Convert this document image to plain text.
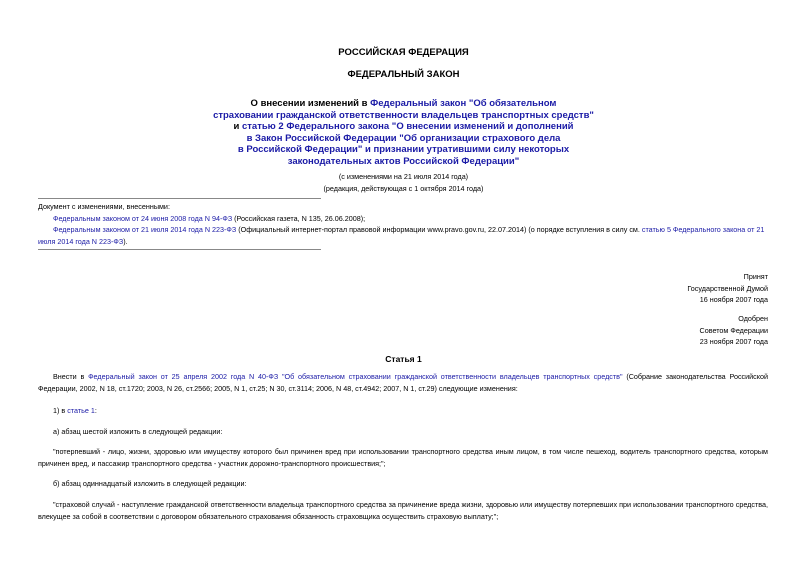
РОССИЙСКАЯ ФЕДЕРАЦИЯ
ФЕДЕРАЛЬНЫЙ ЗАКОН
О внесении изменений в Федеральный закон "Об обязательном
страховании гражданской ответственности владельцев транспортных средств"
и статью 2 Федерального закона "О внесении изменений и дополнений
в Закон Российской Федерации "Об организации страхового дела
в Российской Федерации" и признании утратившими силу некоторых
законодательных актов Российской Федерации"
(с изменениями на 21 июля 2014 года)
(редакция, действующая с 1 октября 2014 года)

Документ с изменениями, внесенными:

Федеральным законом от 24 июня 2008 года N 94-ФЗ (Российская газета, N 135, 26.06.2008);

Федеральным законом от 21 июля 2014 года N 223-ФЗ (Официальный интернет-портал правовой информации www.pravo.gov.ru, 22.07.2014) (о порядке вступления в силу см. статью 5 Федерального закона от 21 июля 2014 года N 223-ФЗ).

Принят
Государственной Думой
16 ноября 2007 года
Одобрен
Советом Федерации
23 ноября 2007 года
Статья 1

Внести в Федеральный закон от 25 апреля 2002 года N 40-ФЗ "Об обязательном страховании гражданской ответственности владельцев транспортных средств" (Собрание законодательства Российской Федерации, 2002, N 18, ст.1720; 2003, N 26, ст.2566; 2005, N 1, ст.25; N 30, ст.3114; 2006, N 48, ст.4942; 2007, N 1, ст.29) следующие изменения:

1) в статье 1:

а) абзац шестой изложить в следующей редакции:

"потерпевший - лицо, жизни, здоровью или имуществу которого был причинен вред при использовании транспортного средства иным лицом, в том числе пешеход, водитель транспортного средства, которым причинен вред, и пассажир транспортного средства - участник дорожно-транспортного происшествия;";

б) абзац одиннадцатый изложить в следующей редакции:

"страховой случай - наступление гражданской ответственности владельца транспортного средства за причинение вреда жизни, здоровью или имуществу потерпевших при использовании транспортного средства, влекущее за собой в соответствии с договором обязательного страхования обязанность страховщика осуществить страховую выплату;";
